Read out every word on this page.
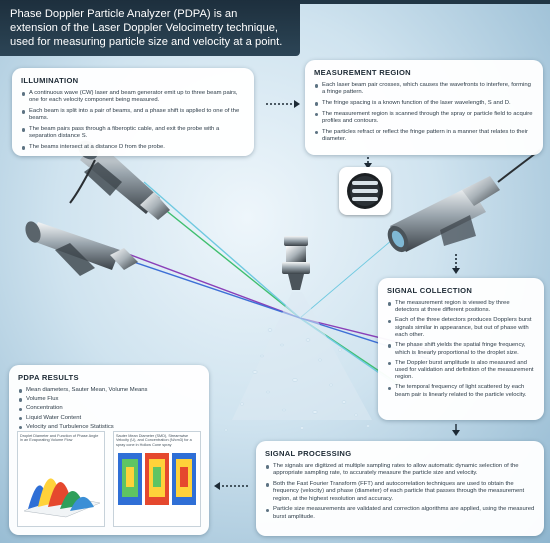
Phase Doppler Particle Analyzer (PDPA) is an
extension of the Laser Doppler Velocimetry technique,
used for measuring particle size and velocity at a point.
ILLUMINATION
A continuous wave (CW) laser and beam generator emit up to three beam pairs, one for each velocity component being measured.
Each beam is split into a pair of beams, and a phase shift is applied to one of the beams.
The beam pairs pass through a fiberoptic cable, and exit the probe with a separation distance S.
The beams intersect at a distance D from the probe.
MEASUREMENT REGION
Each laser beam pair crosses, which causes the wavefronts to interfere, forming a fringe pattern.
The fringe spacing is a known function of the laser wavelength, S and D.
The measurement region is scanned through the spray or particle field to acquire profiles and contours.
The particles refract or reflect the fringe pattern in a manner that relates to their diameter.
SIGNAL COLLECTION
The measurement region is viewed by three detectors at three different positions.
Each of the three detectors produces Dopplers burst signals similar in appearance, but out of phase with each other.
The phase shift yields the spatial fringe frequency, which is linearly proportional to the droplet size.
The Doppler burst amplitude is also measured and used for validation and definition of the measurement region.
The temporal frequency of light scattered by each beam pair is linearly related to the particle velocity.
PDPA RESULTS
Mean diameters, Sauter Mean, Volume Means
Volume Flux
Concentration
Liquid Water Content
Velocity and Turbulence Statistics
Droplet Diameter and Function of Phase Angle in an Evaporating Volume Flow
Sauter Mean Diameter (SMD), Streamwise Velocity (U), and Concentration (N/cm3) for a spray cone in Hollow Cone spray
SIGNAL PROCESSING
The signals are digitized at multiple sampling rates to allow automatic dynamic selection of the appropriate sampling rate, to accurately measure the particle size and velocity.
Both the Fast Fourier Transform (FFT) and autocorrelation techniques are used to obtain the frequency (velocity) and phase (diameter) of each particle that passes through the measurement region, at the highest resolution and accuracy.
Particle size measurements are validated and correction algorithms are applied, using the measured burst amplitude.
